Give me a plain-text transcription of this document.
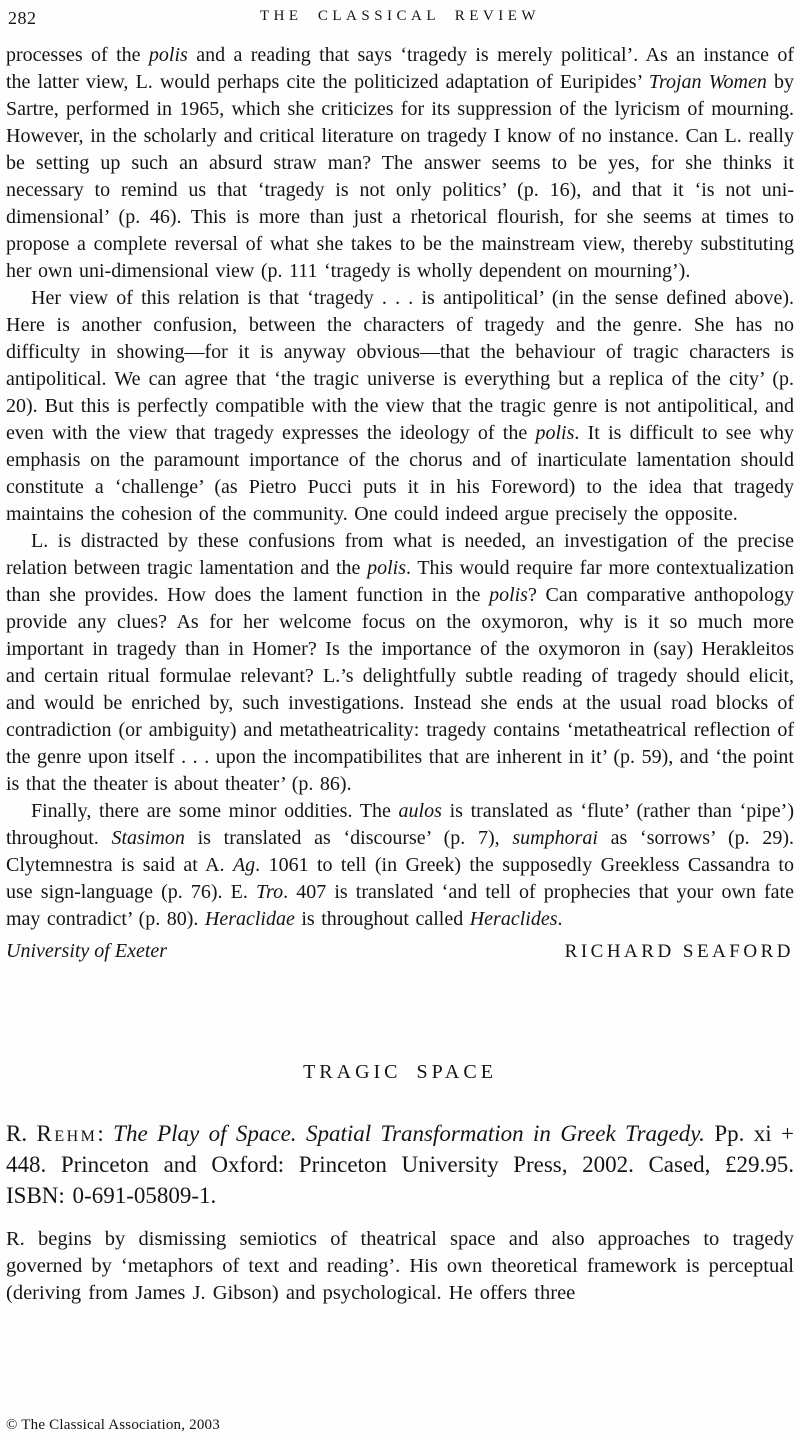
282	THE CLASSICAL REVIEW

processes of the polis and a reading that says ‘tragedy is merely political’. As an instance of the latter view, L. would perhaps cite the politicized adaptation of Euripides’ Trojan Women by Sartre, performed in 1965, which she criticizes for its suppression of the lyricism of mourning. However, in the scholarly and critical literature on tragedy I know of no instance. Can L. really be setting up such an absurd straw man? The answer seems to be yes, for she thinks it necessary to remind us that ‘tragedy is not only politics’ (p. 16), and that it ‘is not uni-dimensional’ (p. 46). This is more than just a rhetorical flourish, for she seems at times to propose a complete reversal of what she takes to be the mainstream view, thereby substituting her own uni-dimensional view (p. 111 ‘tragedy is wholly dependent on mourning’).

Her view of this relation is that ‘tragedy . . . is antipolitical’ (in the sense defined above). Here is another confusion, between the characters of tragedy and the genre. She has no difficulty in showing—for it is anyway obvious—that the behaviour of tragic characters is antipolitical. We can agree that ‘the tragic universe is everything but a replica of the city’ (p. 20). But this is perfectly compatible with the view that the tragic genre is not antipolitical, and even with the view that tragedy expresses the ideology of the polis. It is difficult to see why emphasis on the paramount importance of the chorus and of inarticulate lamentation should constitute a ‘challenge’ (as Pietro Pucci puts it in his Foreword) to the idea that tragedy maintains the cohesion of the community. One could indeed argue precisely the opposite.

L. is distracted by these confusions from what is needed, an investigation of the precise relation between tragic lamentation and the polis. This would require far more contextualization than she provides. How does the lament function in the polis? Can comparative anthopology provide any clues? As for her welcome focus on the oxymoron, why is it so much more important in tragedy than in Homer? Is the importance of the oxymoron in (say) Herakleitos and certain ritual formulae relevant? L.’s delightfully subtle reading of tragedy should elicit, and would be enriched by, such investigations. Instead she ends at the usual road blocks of contradiction (or ambiguity) and metatheatricality: tragedy contains ‘metatheatrical reflection of the genre upon itself . . . upon the incompatibilites that are inherent in it’ (p. 59), and ‘the point is that the theater is about theater’ (p. 86).

Finally, there are some minor oddities. The aulos is translated as ‘flute’ (rather than ‘pipe’) throughout. Stasimon is translated as ‘discourse’ (p. 7), sumphorai as ‘sorrows’ (p. 29). Clytemnestra is said at A. Ag. 1061 to tell (in Greek) the supposedly Greekless Cassandra to use sign-language (p. 76). E. Tro. 407 is translated ‘and tell of prophecies that your own fate may contradict’ (p. 80). Heraclidae is throughout called Heraclides.

University of Exeter	RICHARD SEAFORD
TRAGIC SPACE

R. Rehm: The Play of Space. Spatial Transformation in Greek Tragedy. Pp. xi + 448. Princeton and Oxford: Princeton University Press, 2002. Cased, £29.95. ISBN: 0-691-05809-1.

R. begins by dismissing semiotics of theatrical space and also approaches to tragedy governed by ‘metaphors of text and reading’. His own theoretical framework is perceptual (deriving from James J. Gibson) and psychological. He offers three

© The Classical Association, 2003
